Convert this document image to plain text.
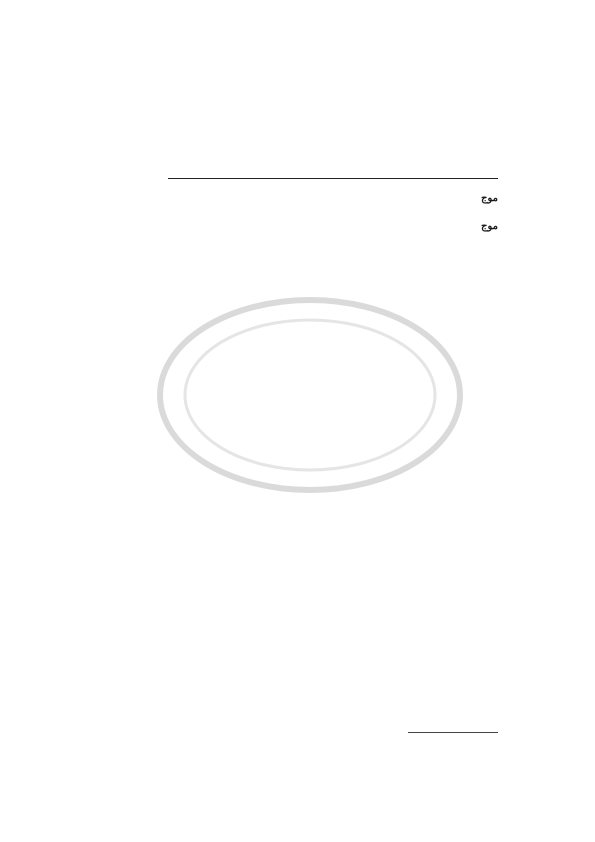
موج

موج
